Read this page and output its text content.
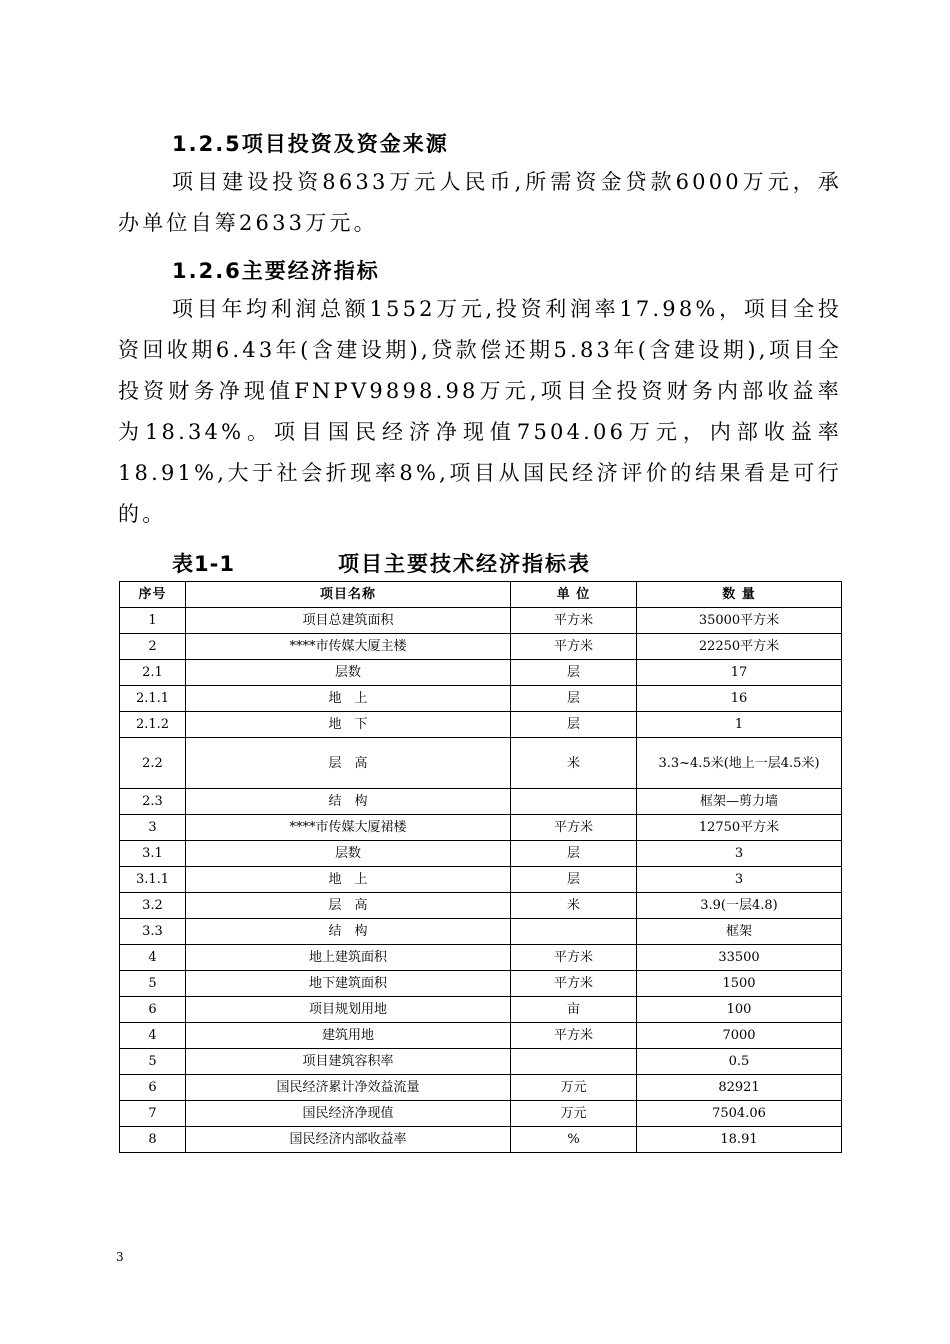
1.2.5项目投资及资金来源

项目建设投资8633万元人民币,所需资金贷款6000万元，承办单位自筹2633万元。

1.2.6主要经济指标

项目年均利润总额1552万元,投资利润率17.98%，项目全投资回收期6.43年(含建设期),贷款偿还期5.83年(含建设期),项目全投资财务净现值FNPV9898.98万元,项目全投资财务内部收益率为18.34%。项目国民经济净现值7504.06万元，内部收益率18.91%,大于社会折现率8%,项目从国民经济评价的结果看是可行的。

表1-1	项目主要技术经济指标表
序号	项目名称	单 位	数 量
1	项目总建筑面积	平方米	35000平方米
2	****市传媒大厦主楼	平方米	22250平方米
2.1	层数	层	17
2.1.1	地　上	层	16
2.1.2	地　下	层	1
2.2	层　高	米	3.3~4.5米(地上一层4.5米)
2.3	结　构		框架—剪力墙
3	****市传媒大厦裙楼	平方米	12750平方米
3.1	层数	层	3
3.1.1	地　上	层	3
3.2	层　高	米	3.9(一层4.8)
3.3	结　构		框架
4	地上建筑面积	平方米	33500
5	地下建筑面积	平方米	1500
6	项目规划用地	亩	100
4	建筑用地	平方米	7000
5	项目建筑容积率		0.5
6	国民经济累计净效益流量	万元	82921
7	国民经济净现值	万元	7504.06
8	国民经济内部收益率	%	18.91
3
